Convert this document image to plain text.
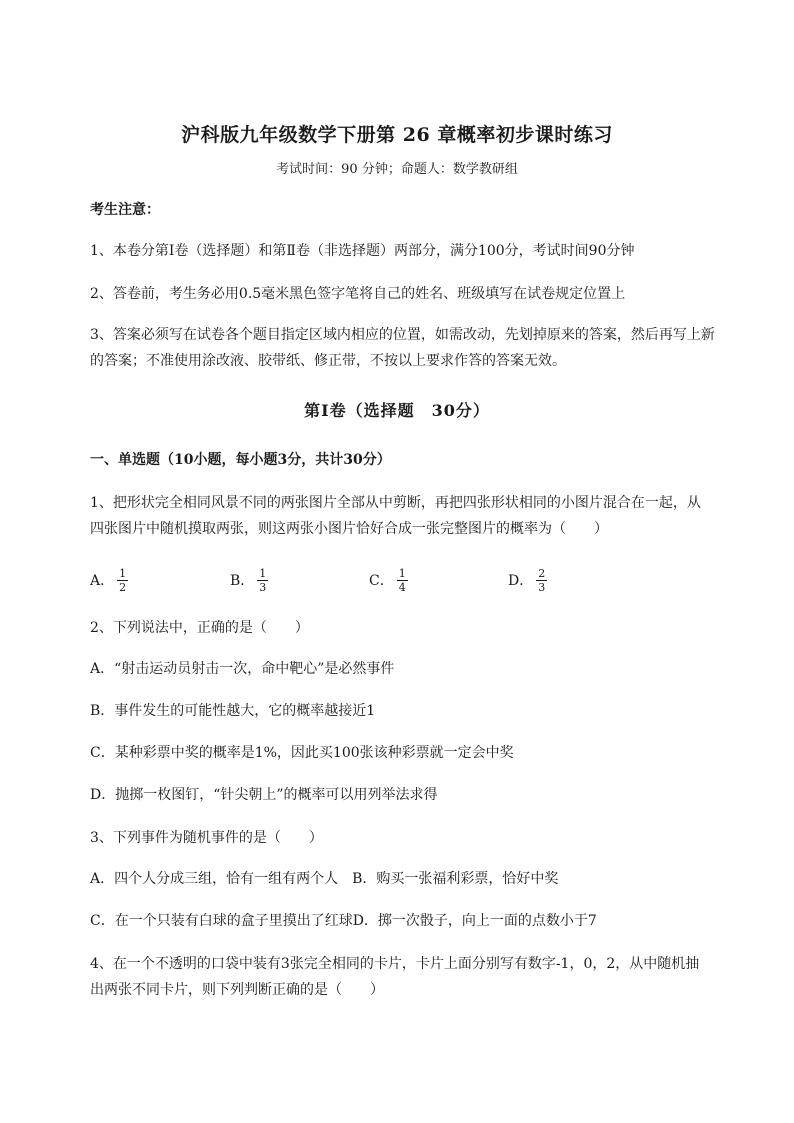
沪科版九年级数学下册第 26 章概率初步课时练习
考试时间：90 分钟；命题人：数学教研组
考生注意：
1、本卷分第Ⅰ卷（选择题）和第Ⅱ卷（非选择题）两部分，满分100分，考试时间90分钟
2、答卷前，考生务必用0.5毫米黑色签字笔将自己的姓名、班级填写在试卷规定位置上
3、答案必须写在试卷各个题目指定区域内相应的位置，如需改动，先划掉原来的答案，然后再写上新
的答案；不准使用涂改液、胶带纸、修正带，不按以上要求作答的答案无效。
第Ⅰ卷（选择题　30分）
一、单选题（10小题，每小题3分，共计30分）
1、把形状完全相同风景不同的两张图片全部从中剪断，再把四张形状相同的小图片混合在一起，从
四张图片中随机摸取两张，则这两张小图片恰好合成一张完整图片的概率为（　　）
A． $\frac{1}{2}$	B． $\frac{1}{3}$	C． $\frac{1}{4}$	D． $\frac{2}{3}$
2、下列说法中，正确的是（　　）
A．“射击运动员射击一次，命中靶心”是必然事件
B．事件发生的可能性越大，它的概率越接近1
C．某种彩票中奖的概率是1%，因此买100张该种彩票就一定会中奖
D．抛掷一枚图钉，“针尖朝上”的概率可以用列举法求得
3、下列事件为随机事件的是（　　）
A．四个人分成三组，恰有一组有两个人　B．购买一张福利彩票，恰好中奖
C．在一个只装有白球的盒子里摸出了红球D．掷一次骰子，向上一面的点数小于7
4、在一个不透明的口袋中装有3张完全相同的卡片，卡片上面分别写有数字-1，0，2，从中随机抽
出两张不同卡片，则下列判断正确的是（　　）
